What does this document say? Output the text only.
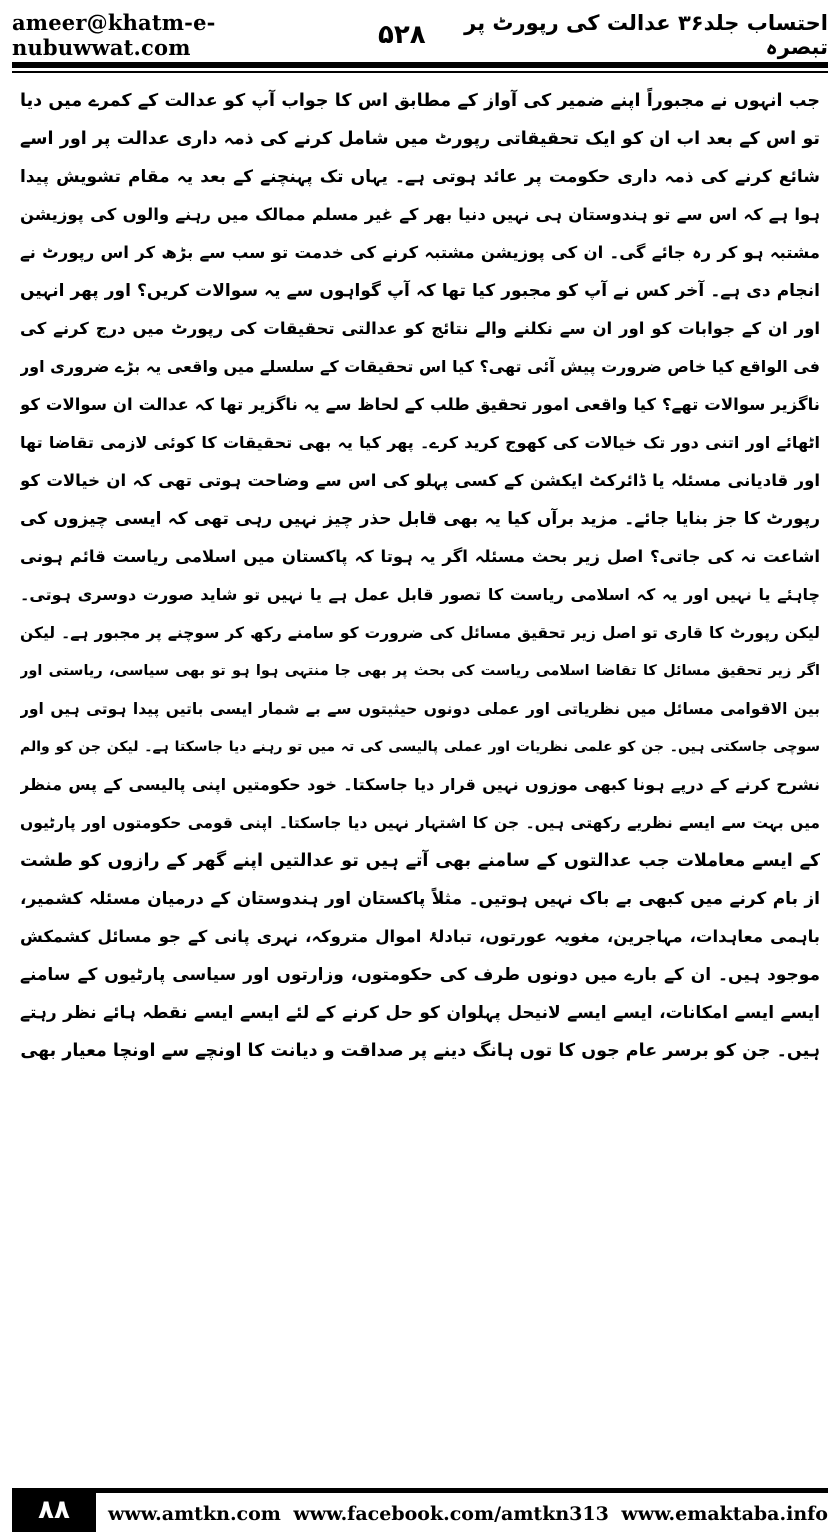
ameer@khatm-e-nubuwwat.com	۵۲۸	احتساب جلد۳۶ عدالت کی رپورٹ پر تبصرہ
جب انہوں نے مجبوراً اپنے ضمیر کی آواز کے مطابق اس کا جواب آپ کو عدالت کے کمرے میں دیا
تو اس کے بعد اب ان کو ایک تحقیقاتی رپورٹ میں شامل کرنے کی ذمہ داری عدالت پر اور اسے
شائع کرنے کی ذمہ داری حکومت پر عائد ہوتی ہے۔ یہاں تک پہنچنے کے بعد یہ مقام تشویش پیدا
ہوا ہے کہ اس سے تو ہندوستان ہی نہیں دنیا بھر کے غیر مسلم ممالک میں رہنے والوں کی پوزیشن
مشتبہ ہو کر رہ جائے گی۔ ان کی پوزیشن مشتبہ کرنے کی خدمت تو سب سے بڑھ کر اس رپورٹ نے
انجام دی ہے۔ آخر کس نے آپ کو مجبور کیا تھا کہ آپ گواہوں سے یہ سوالات کریں؟ اور پھر انہیں
اور ان کے جوابات کو اور ان سے نکلنے والے نتائج کو عدالتی تحقیقات کی رپورٹ میں درج کرنے کی
فی الواقع کیا خاص ضرورت پیش آئی تھی؟ کیا اس تحقیقات کے سلسلے میں واقعی یہ بڑے ضروری اور
ناگزیر سوالات تھے؟ کیا واقعی امور تحقیق طلب کے لحاظ سے یہ ناگزیر تھا کہ عدالت ان سوالات کو
اٹھائے اور اتنی دور تک خیالات کی کھوج کرید کرے۔ پھر کیا یہ بھی تحقیقات کا کوئی لازمی تقاضا تھا
اور قادیانی مسئلہ یا ڈائرکٹ ایکشن کے کسی پہلو کی اس سے وضاحت ہوتی تھی کہ ان خیالات کو
رپورٹ کا جز بنایا جائے۔ مزید برآں کیا یہ بھی قابل حذر چیز نہیں رہی تھی کہ ایسی چیزوں کی
اشاعت نہ کی جاتی؟ اصل زیر بحث مسئلہ اگر یہ ہوتا کہ پاکستان میں اسلامی ریاست قائم ہونی
چاہئے یا نہیں اور یہ کہ اسلامی ریاست کا تصور قابل عمل ہے یا نہیں تو شاید صورت دوسری ہوتی۔
لیکن رپورٹ کا قاری تو اصل زیر تحقیق مسائل کی ضرورت کو سامنے رکھ کر سوچنے پر مجبور ہے۔ لیکن
اگر زیر تحقیق مسائل کا تقاضا اسلامی ریاست کی بحث پر بھی جا منتہی ہوا ہو تو بھی سیاسی، ریاستی اور
بین الاقوامی مسائل میں نظریاتی اور عملی دونوں حیثیتوں سے بے شمار ایسی باتیں پیدا ہوتی ہیں اور
سوچی جاسکتی ہیں۔ جن کو علمی نظریات اور عملی پالیسی کی تہ میں تو رہنے دیا جاسکتا ہے۔ لیکن جن کو والم
نشرح کرنے کے درپے ہونا کبھی موزوں نہیں قرار دیا جاسکتا۔ خود حکومتیں اپنی پالیسی کے پس منظر
میں بہت سے ایسے نظریے رکھتی ہیں۔ جن کا اشتہار نہیں دیا جاسکتا۔ اپنی قومی حکومتوں اور پارٹیوں
کے ایسے معاملات جب عدالتوں کے سامنے بھی آتے ہیں تو عدالتیں اپنے گھر کے رازوں کو طشت
از بام کرنے میں کبھی بے باک نہیں ہوتیں۔ مثلاً پاکستان اور ہندوستان کے درمیان مسئلہ کشمیر،
باہمی معاہدات، مہاجرین، مغویہ عورتوں، تبادلۂ اموال متروکہ، نہری پانی کے جو مسائل کشمکش
موجود ہیں۔ ان کے بارے میں دونوں طرف کی حکومتوں، وزارتوں اور سیاسی پارٹیوں کے سامنے
ایسے ایسے امکانات، ایسے ایسے لانیحل پہلوان کو حل کرنے کے لئے ایسے ایسے نقطہ ہائے نظر رہتے
ہیں۔ جن کو برسر عام جوں کا توں ہانگ دینے پر صداقت و دیانت کا اونچے سے اونچا معیار بھی
۸۸	www.amtkn.com www.facebook.com/amtkn313 www.emaktaba.info
